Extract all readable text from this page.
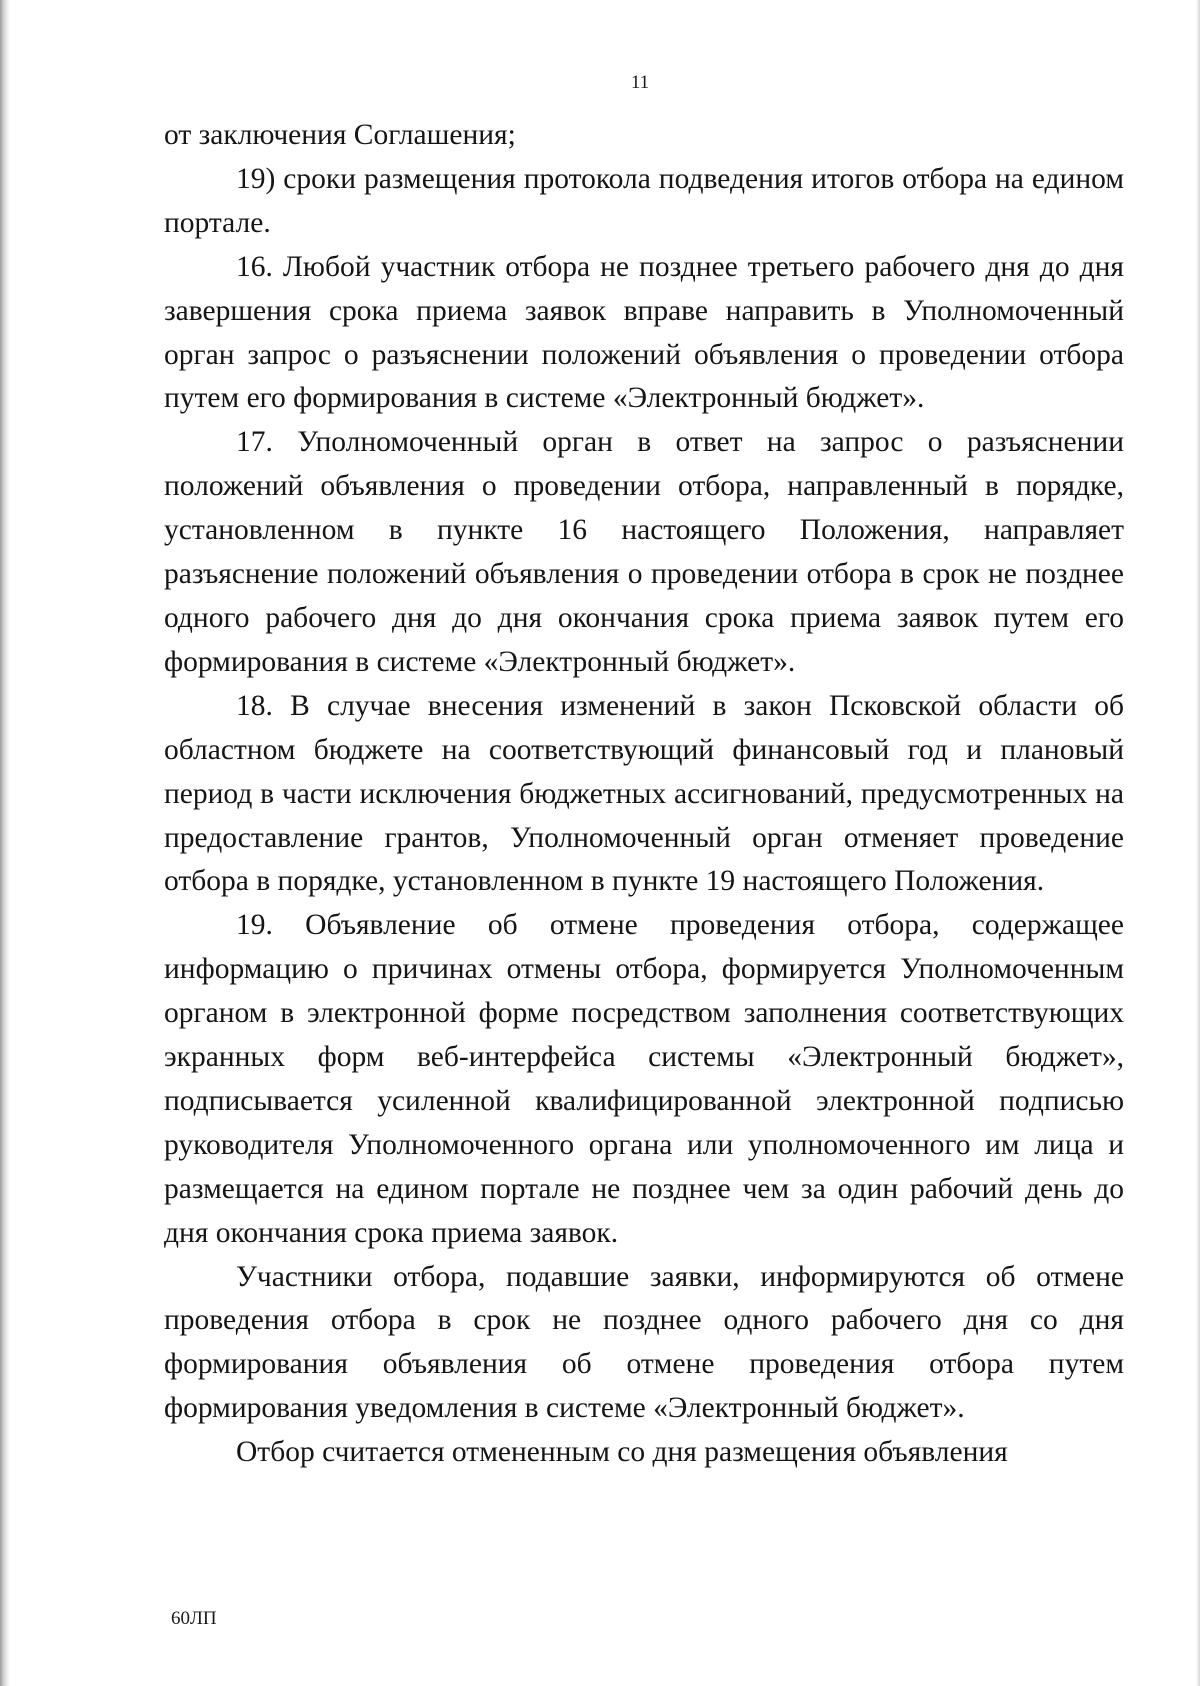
11

от заключения Соглашения;

19) сроки размещения протокола подведения итогов отбора на едином портале.

16. Любой участник отбора не позднее третьего рабочего дня до дня завершения срока приема заявок вправе направить в Уполномоченный орган запрос о разъяснении положений объявления о проведении отбора путем его формирования в системе «Электронный бюджет».

17. Уполномоченный орган в ответ на запрос о разъяснении положений объявления о проведении отбора, направленный в порядке, установленном в пункте 16 настоящего Положения, направляет разъяснение положений объявления о проведении отбора в срок не позднее одного рабочего дня до дня окончания срока приема заявок путем его формирования в системе «Электронный бюджет».

18. В случае внесения изменений в закон Псковской области об областном бюджете на соответствующий финансовый год и плановый период в части исключения бюджетных ассигнований, предусмотренных на предоставление грантов, Уполномоченный орган отменяет проведение отбора в порядке, установленном в пункте 19 настоящего Положения.

19. Объявление об отмене проведения отбора, содержащее информацию о причинах отмены отбора, формируется Уполномоченным органом в электронной форме посредством заполнения соответствующих экранных форм веб-интерфейса системы «Электронный бюджет», подписывается усиленной квалифицированной электронной подписью руководителя Уполномоченного органа или уполномоченного им лица и размещается на едином портале не позднее чем за один рабочий день до дня окончания срока приема заявок.

Участники отбора, подавшие заявки, информируются об отмене проведения отбора в срок не позднее одного рабочего дня со дня формирования объявления об отмене проведения отбора путем формирования уведомления в системе «Электронный бюджет».

Отбор считается отмененным со дня размещения объявления

60ЛП
